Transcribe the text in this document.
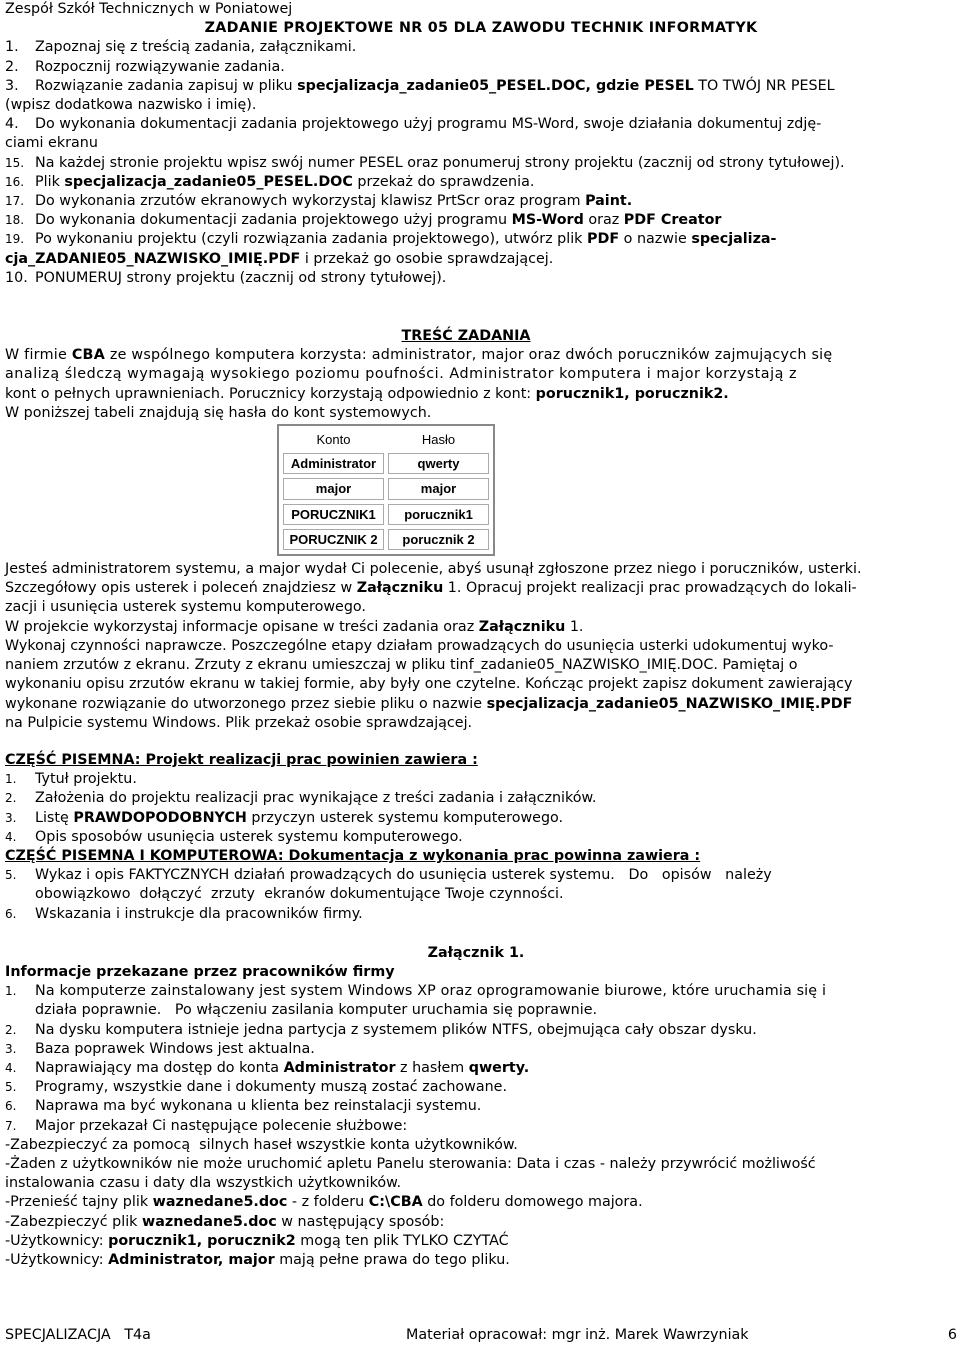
Zespół Szkół Technicznych w Poniatowej
ZADANIE PROJEKTOWE NR 05 DLA ZAWODU TECHNIK INFORMATYK
1.	Zapoznaj się z treścią zadania, załącznikami.
2.	Rozpocznij rozwiązywanie zadania.
3.	Rozwiązanie zadania zapisuj w pliku specjalizacja_zadanie05_PESEL.DOC, gdzie PESEL TO TWÓJ NR PESEL
(wpisz dodatkowa nazwisko i imię).
4.	Do wykonania dokumentacji zadania projektowego użyj programu MS-Word, swoje działania dokumentuj zdję-
ciami ekranu
15. Na każdej stronie projektu wpisz swój numer PESEL oraz ponumeruj strony projektu (zacznij od strony tytułowej).
16. Plik specjalizacja_zadanie05_PESEL.DOC przekaż do sprawdzenia.
17. Do wykonania zrzutów ekranowych wykorzystaj klawisz PrtScr oraz program Paint.
18. Do wykonania dokumentacji zadania projektowego użyj programu MS-Word oraz PDF Creator
19. Po wykonaniu projektu (czyli rozwiązania zadania projektowego), utwórz plik PDF o nazwie specjaliza-
cja_ZADANIE05_NAZWISKO_IMIĘ.PDF i przekaż go osobie sprawdzającej.
10. PONUMERUJ strony projektu (zacznij od strony tytułowej).
TREŚĆ ZADANIA
W firmie CBA ze wspólnego komputera korzysta: administrator, major oraz dwóch poruczników zajmujących się
analizą śledczą wymagają wysokiego poziomu poufności. Administrator komputera i major korzystają z
kont o pełnych uprawnieniach. Porucznicy korzystają odpowiednio z kont: porucznik1, porucznik2.
W poniższej tabeli znajdują się hasła do kont systemowych.
Konto	Hasło
Administrator	qwerty
major	major
PORUCZNIK1	porucznik1
PORUCZNIK 2	porucznik 2
Jesteś administratorem systemu, a major wydał Ci polecenie, abyś usunął zgłoszone przez niego i poruczników, usterki.
Szczegółowy opis usterek i poleceń znajdziesz w Załączniku 1. Opracuj projekt realizacji prac prowadzących do lokali-
zacji i usunięcia usterek systemu komputerowego.
W projekcie wykorzystaj informacje opisane w treści zadania oraz Załączniku 1.
Wykonaj czynności naprawcze. Poszczególne etapy działam prowadzących do usunięcia usterki udokumentuj wyko-
naniem zrzutów z ekranu. Zrzuty z ekranu umieszczaj w pliku tinf_zadanie05_NAZWISKO_IMIĘ.DOC. Pamiętaj o
wykonaniu opisu zrzutów ekranu w takiej formie, aby były one czytelne. Kończąc projekt zapisz dokument zawierający
wykonane rozwiązanie do utworzonego przez siebie pliku o nazwie specjalizacja_zadanie05_NAZWISKO_IMIĘ.PDF
na Pulpicie systemu Windows. Plik przekaż osobie sprawdzającej.
CZĘŚĆ PISEMNA: Projekt realizacji prac powinien zawiera :
1.	Tytuł projektu.
2.	Założenia do projektu realizacji prac wynikające z treści zadania i załączników.
3.	Listę PRAWDOPODOBNYCH przyczyn usterek systemu komputerowego.
4.	Opis sposobów usunięcia usterek systemu komputerowego.
CZĘŚĆ PISEMNA I KOMPUTEROWA: Dokumentacja z wykonania prac powinna zawiera :
5.	Wykaz i opis FAKTYCZNYCH działań prowadzących do usunięcia usterek systemu.   Do   opisów   należy
obowiązkowo  dołączyć  zrzuty  ekranów dokumentujące Twoje czynności.
6.	Wskazania i instrukcje dla pracowników firmy.
Załącznik 1.
Informacje przekazane przez pracowników firmy
1.	Na komputerze zainstalowany jest system Windows XP oraz oprogramowanie biurowe, które uruchamia się i
działa poprawnie.   Po włączeniu zasilania komputer uruchamia się poprawnie.
2.	Na dysku komputera istnieje jedna partycja z systemem plików NTFS, obejmująca cały obszar dysku.
3.	Baza poprawek Windows jest aktualna.
4.	Naprawiający ma dostęp do konta Administrator z hasłem qwerty.
5.	Programy, wszystkie dane i dokumenty muszą zostać zachowane.
6.	Naprawa ma być wykonana u klienta bez reinstalacji systemu.
7.	Major przekazał Ci następujące polecenie służbowe:
-Zabezpieczyć za pomocą  silnych haseł wszystkie konta użytkowników.
-Żaden z użytkowników nie może uruchomić apletu Panelu sterowania: Data i czas - należy przywrócić możliwość
instalowania czasu i daty dla wszystkich użytkowników.
-Przenieść tajny plik waznedane5.doc - z folderu C:\CBA do folderu domowego majora.
-Zabezpieczyć plik waznedane5.doc w następujący sposób:
-Użytkownicy: porucznik1, porucznik2 mogą ten plik TYLKO CZYTAĆ
-Użytkownicy: Administrator, major mają pełne prawa do tego pliku.
SPECJALIZACJA   T4a	Materiał opracował: mgr inż. Marek Wawrzyniak	6
